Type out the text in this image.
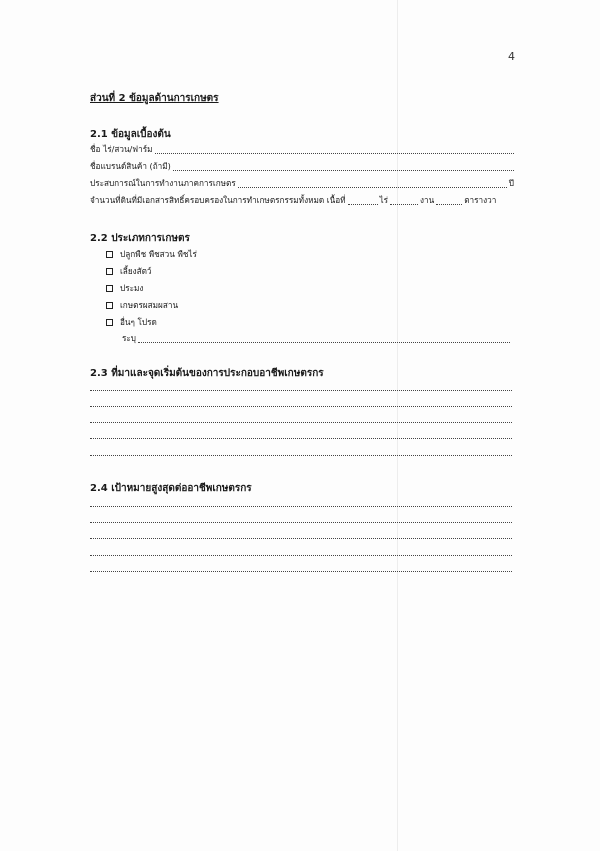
4
ส่วนที่ 2 ข้อมูลด้านการเกษตร
2.1 ข้อมูลเบื้องต้น
ชื่อ ไร่/สวน/ฟาร์ม
ชื่อแบรนด์สินค้า (ถ้ามี)
ประสบการณ์ในการทำงานภาคการเกษตร	ปี
จำนวนที่ดินที่มีเอกสารสิทธิ์ครอบครองในการทำเกษตรกรรมทั้งหมด เนื้อที่	ไร่	งาน	ตารางวา
2.2 ประเภทการเกษตร
ปลูกพืช พืชสวน พืชไร่
เลี้ยงสัตว์
ประมง
เกษตรผสมผสาน
อื่นๆ โปรด
ระบุ
2.3 ที่มาและจุดเริ่มต้นของการประกอบอาชีพเกษตรกร
2.4 เป้าหมายสูงสุดต่ออาชีพเกษตรกร
